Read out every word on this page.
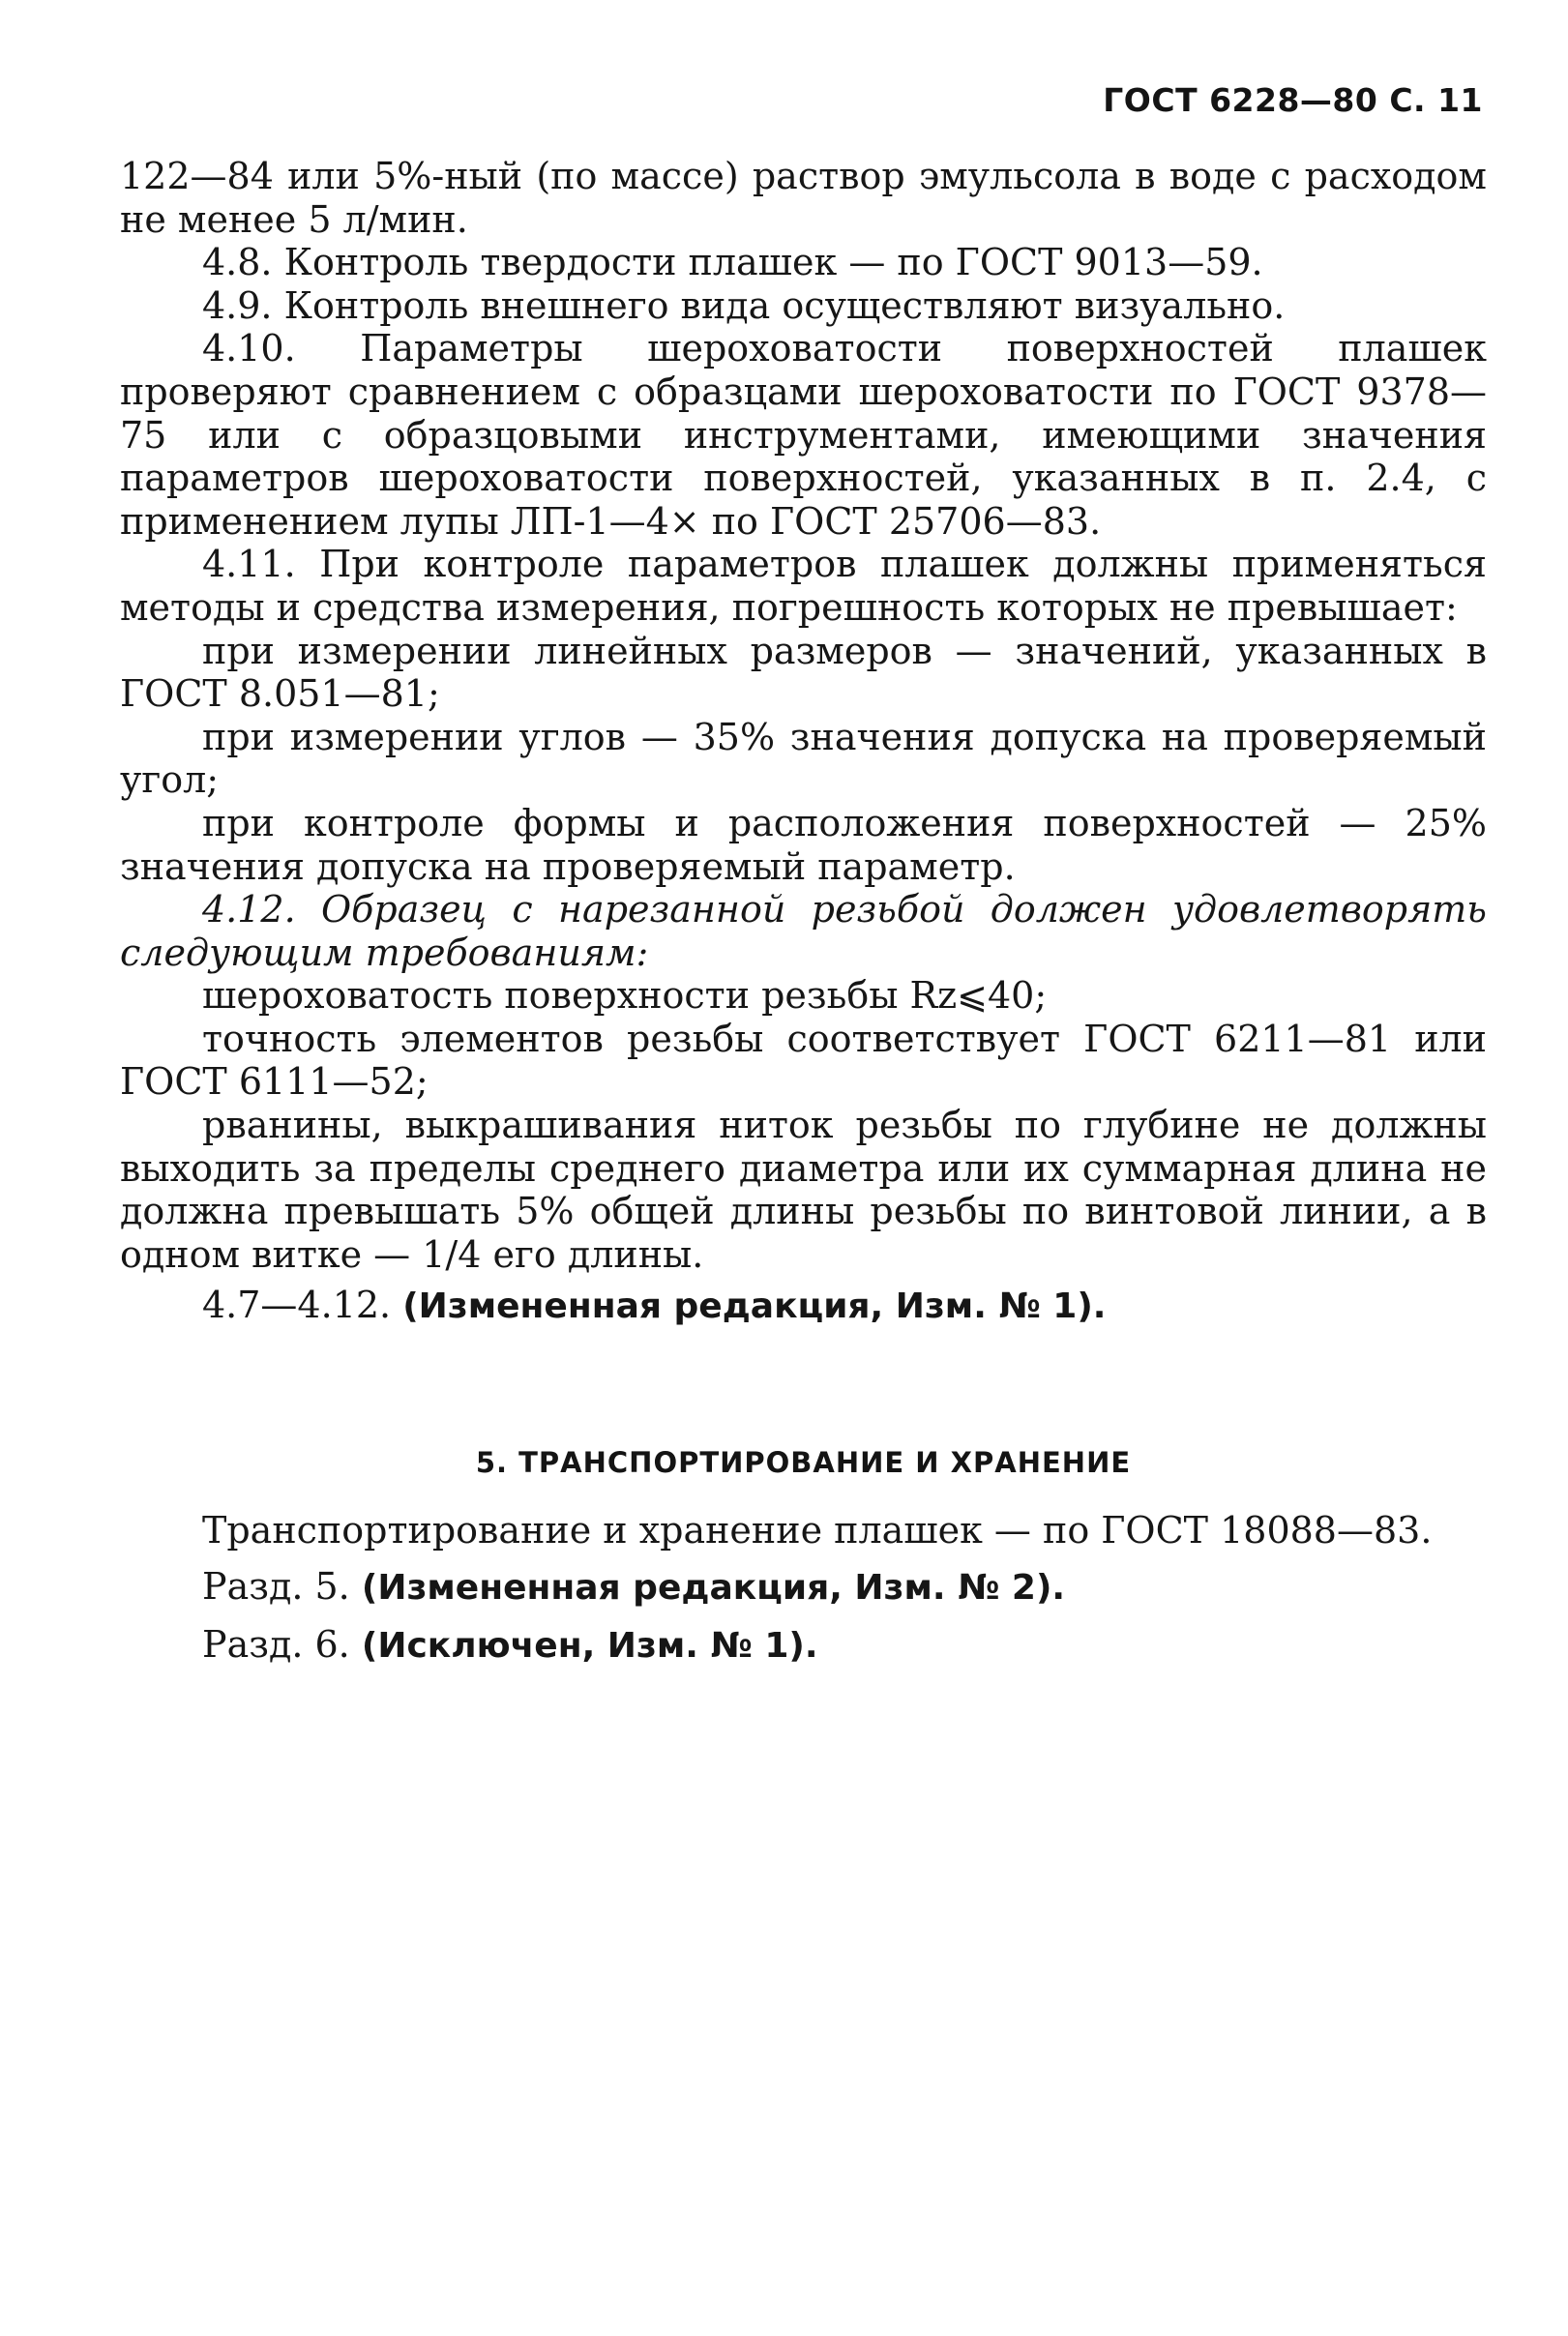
ГОСТ 6228—80 С. 11

122—84 или 5%-ный (по массе) раствор эмульсола в воде с расходом не менее 5 л/мин.

4.8. Контроль твердости плашек — по ГОСТ 9013—59.

4.9. Контроль внешнего вида осуществляют визуально.

4.10. Параметры шероховатости поверхностей плашек проверяют сравнением с образцами шероховатости по ГОСТ 9378—75 или с образцовыми инструментами, имеющими значения параметров шероховатости поверхностей, указанных в п. 2.4, с применением лупы ЛП-1—4× по ГОСТ 25706—83.

4.11. При контроле параметров плашек должны применяться методы и средства измерения, погрешность которых не превышает:

при измерении линейных размеров — значений, указанных в ГОСТ 8.051—81;

при измерении углов — 35% значения допуска на проверяемый угол;

при контроле формы и расположения поверхностей — 25% значения допуска на проверяемый параметр.

4.12. Образец с нарезанной резьбой должен удовлетворять следующим требованиям:

шероховатость поверхности резьбы Rz⩽40;

точность элементов резьбы соответствует ГОСТ 6211—81 или ГОСТ 6111—52;

рванины, выкрашивания ниток резьбы по глубине не должны выходить за пределы среднего диаметра или их суммарная длина не должна превышать 5% общей длины резьбы по винтовой линии, а в одном витке — 1/4 его длины.

4.7—4.12. (Измененная редакция, Изм. № 1).

5. ТРАНСПОРТИРОВАНИЕ И ХРАНЕНИЕ

Транспортирование и хранение плашек — по ГОСТ 18088—83.

Разд. 5. (Измененная редакция, Изм. № 2).

Разд. 6. (Исключен, Изм. № 1).
